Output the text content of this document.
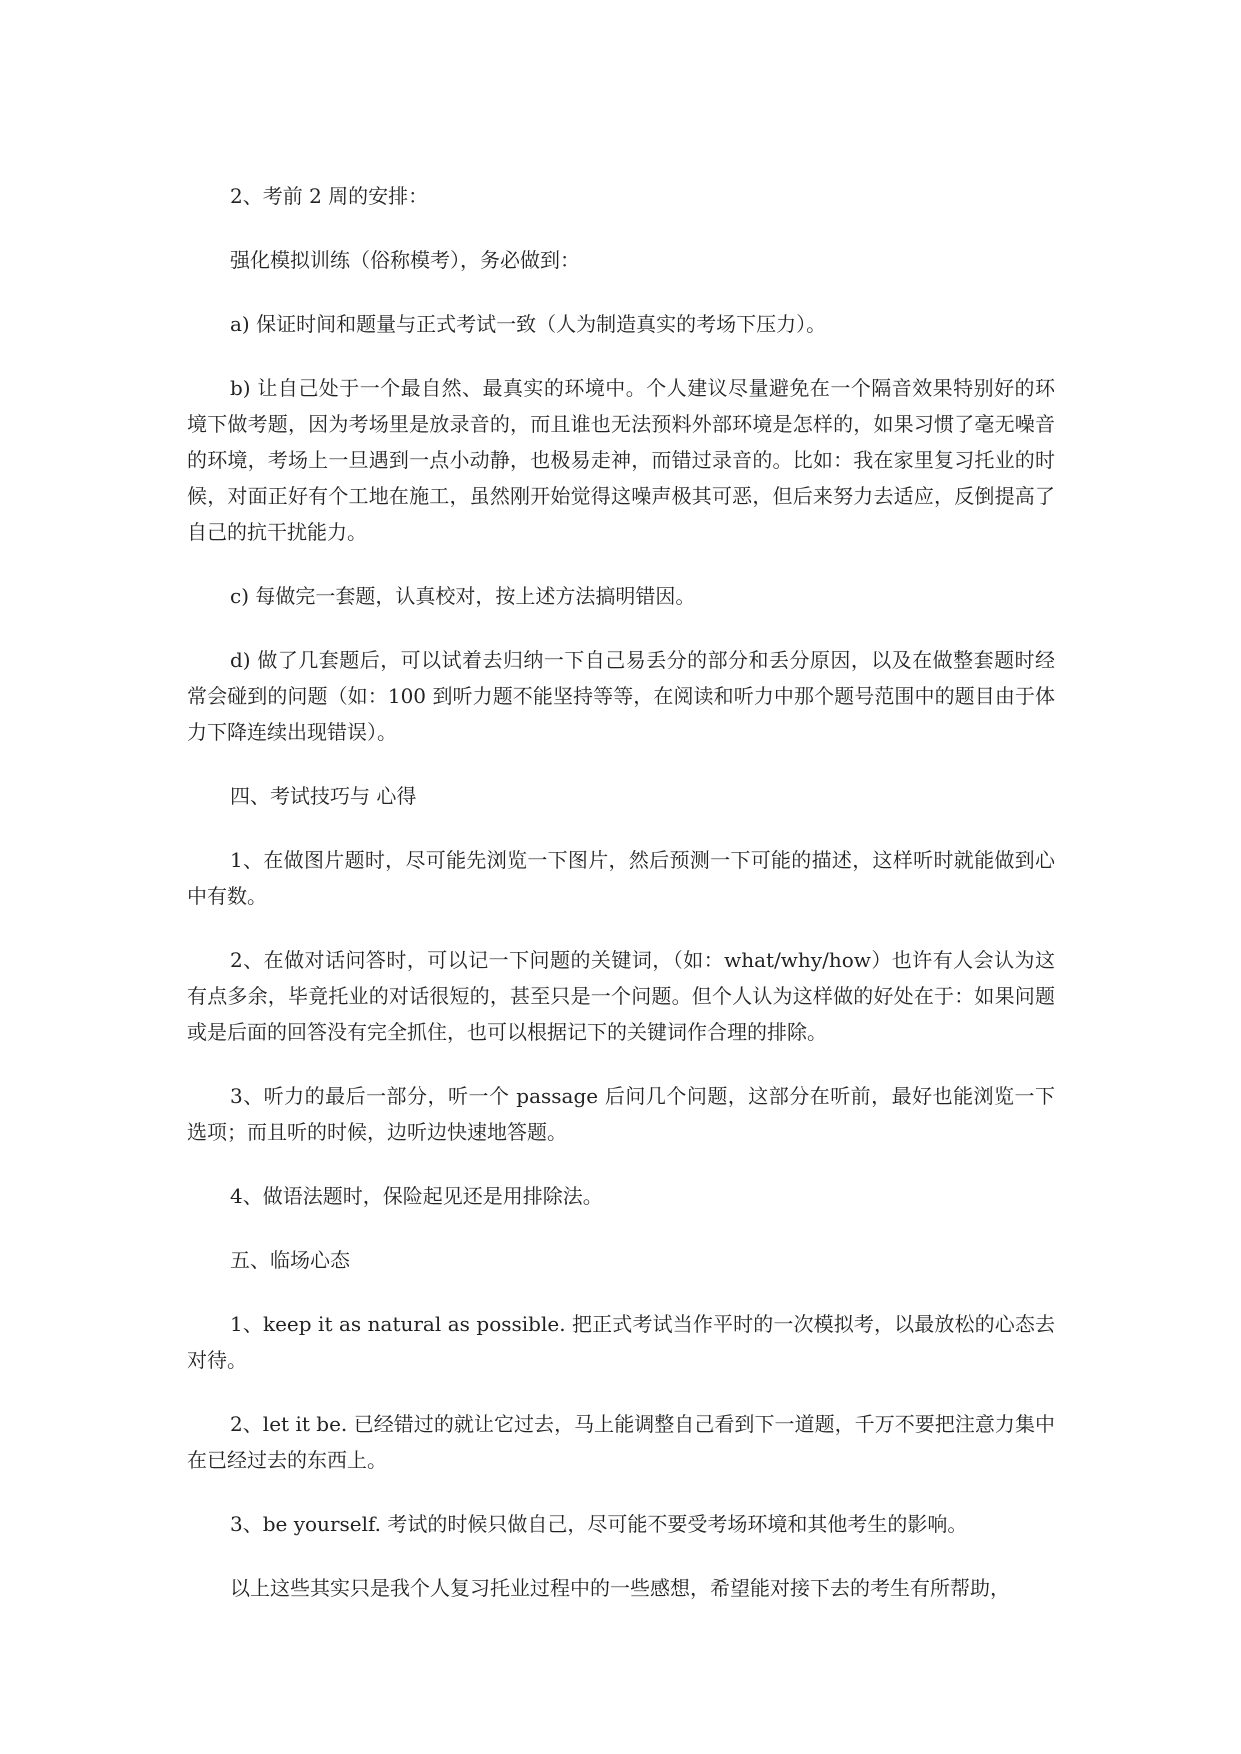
2、考前 2 周的安排：

强化模拟训练（俗称模考），务必做到：

a) 保证时间和题量与正式考试一致（人为制造真实的考场下压力）。

b) 让自己处于一个最自然、最真实的环境中。个人建议尽量避免在一个隔音效果特别好的环境下做考题，因为考场里是放录音的，而且谁也无法预料外部环境是怎样的，如果习惯了毫无噪音的环境，考场上一旦遇到一点小动静，也极易走神，而错过录音的。比如：我在家里复习托业的时候，对面正好有个工地在施工，虽然刚开始觉得这噪声极其可恶，但后来努力去适应，反倒提高了自己的抗干扰能力。

c) 每做完一套题，认真校对，按上述方法搞明错因。

d) 做了几套题后，可以试着去归纳一下自己易丢分的部分和丢分原因，以及在做整套题时经常会碰到的问题（如：100 到听力题不能坚持等等，在阅读和听力中那个题号范围中的题目由于体力下降连续出现错误）。

四、考试技巧与 心得

1、在做图片题时，尽可能先浏览一下图片，然后预测一下可能的描述，这样听时就能做到心中有数。

2、在做对话问答时，可以记一下问题的关键词，（如：what/why/how）也许有人会认为这有点多余，毕竟托业的对话很短的，甚至只是一个问题。但个人认为这样做的好处在于：如果问题或是后面的回答没有完全抓住，也可以根据记下的关键词作合理的排除。

3、听力的最后一部分，听一个 passage 后问几个问题，这部分在听前，最好也能浏览一下选项；而且听的时候，边听边快速地答题。

4、做语法题时，保险起见还是用排除法。

五、临场心态

1、keep it as natural as possible. 把正式考试当作平时的一次模拟考，以最放松的心态去对待。

2、let it be. 已经错过的就让它过去，马上能调整自己看到下一道题，千万不要把注意力集中在已经过去的东西上。

3、be yourself. 考试的时候只做自己，尽可能不要受考场环境和其他考生的影响。

以上这些其实只是我个人复习托业过程中的一些感想，希望能对接下去的考生有所帮助，
